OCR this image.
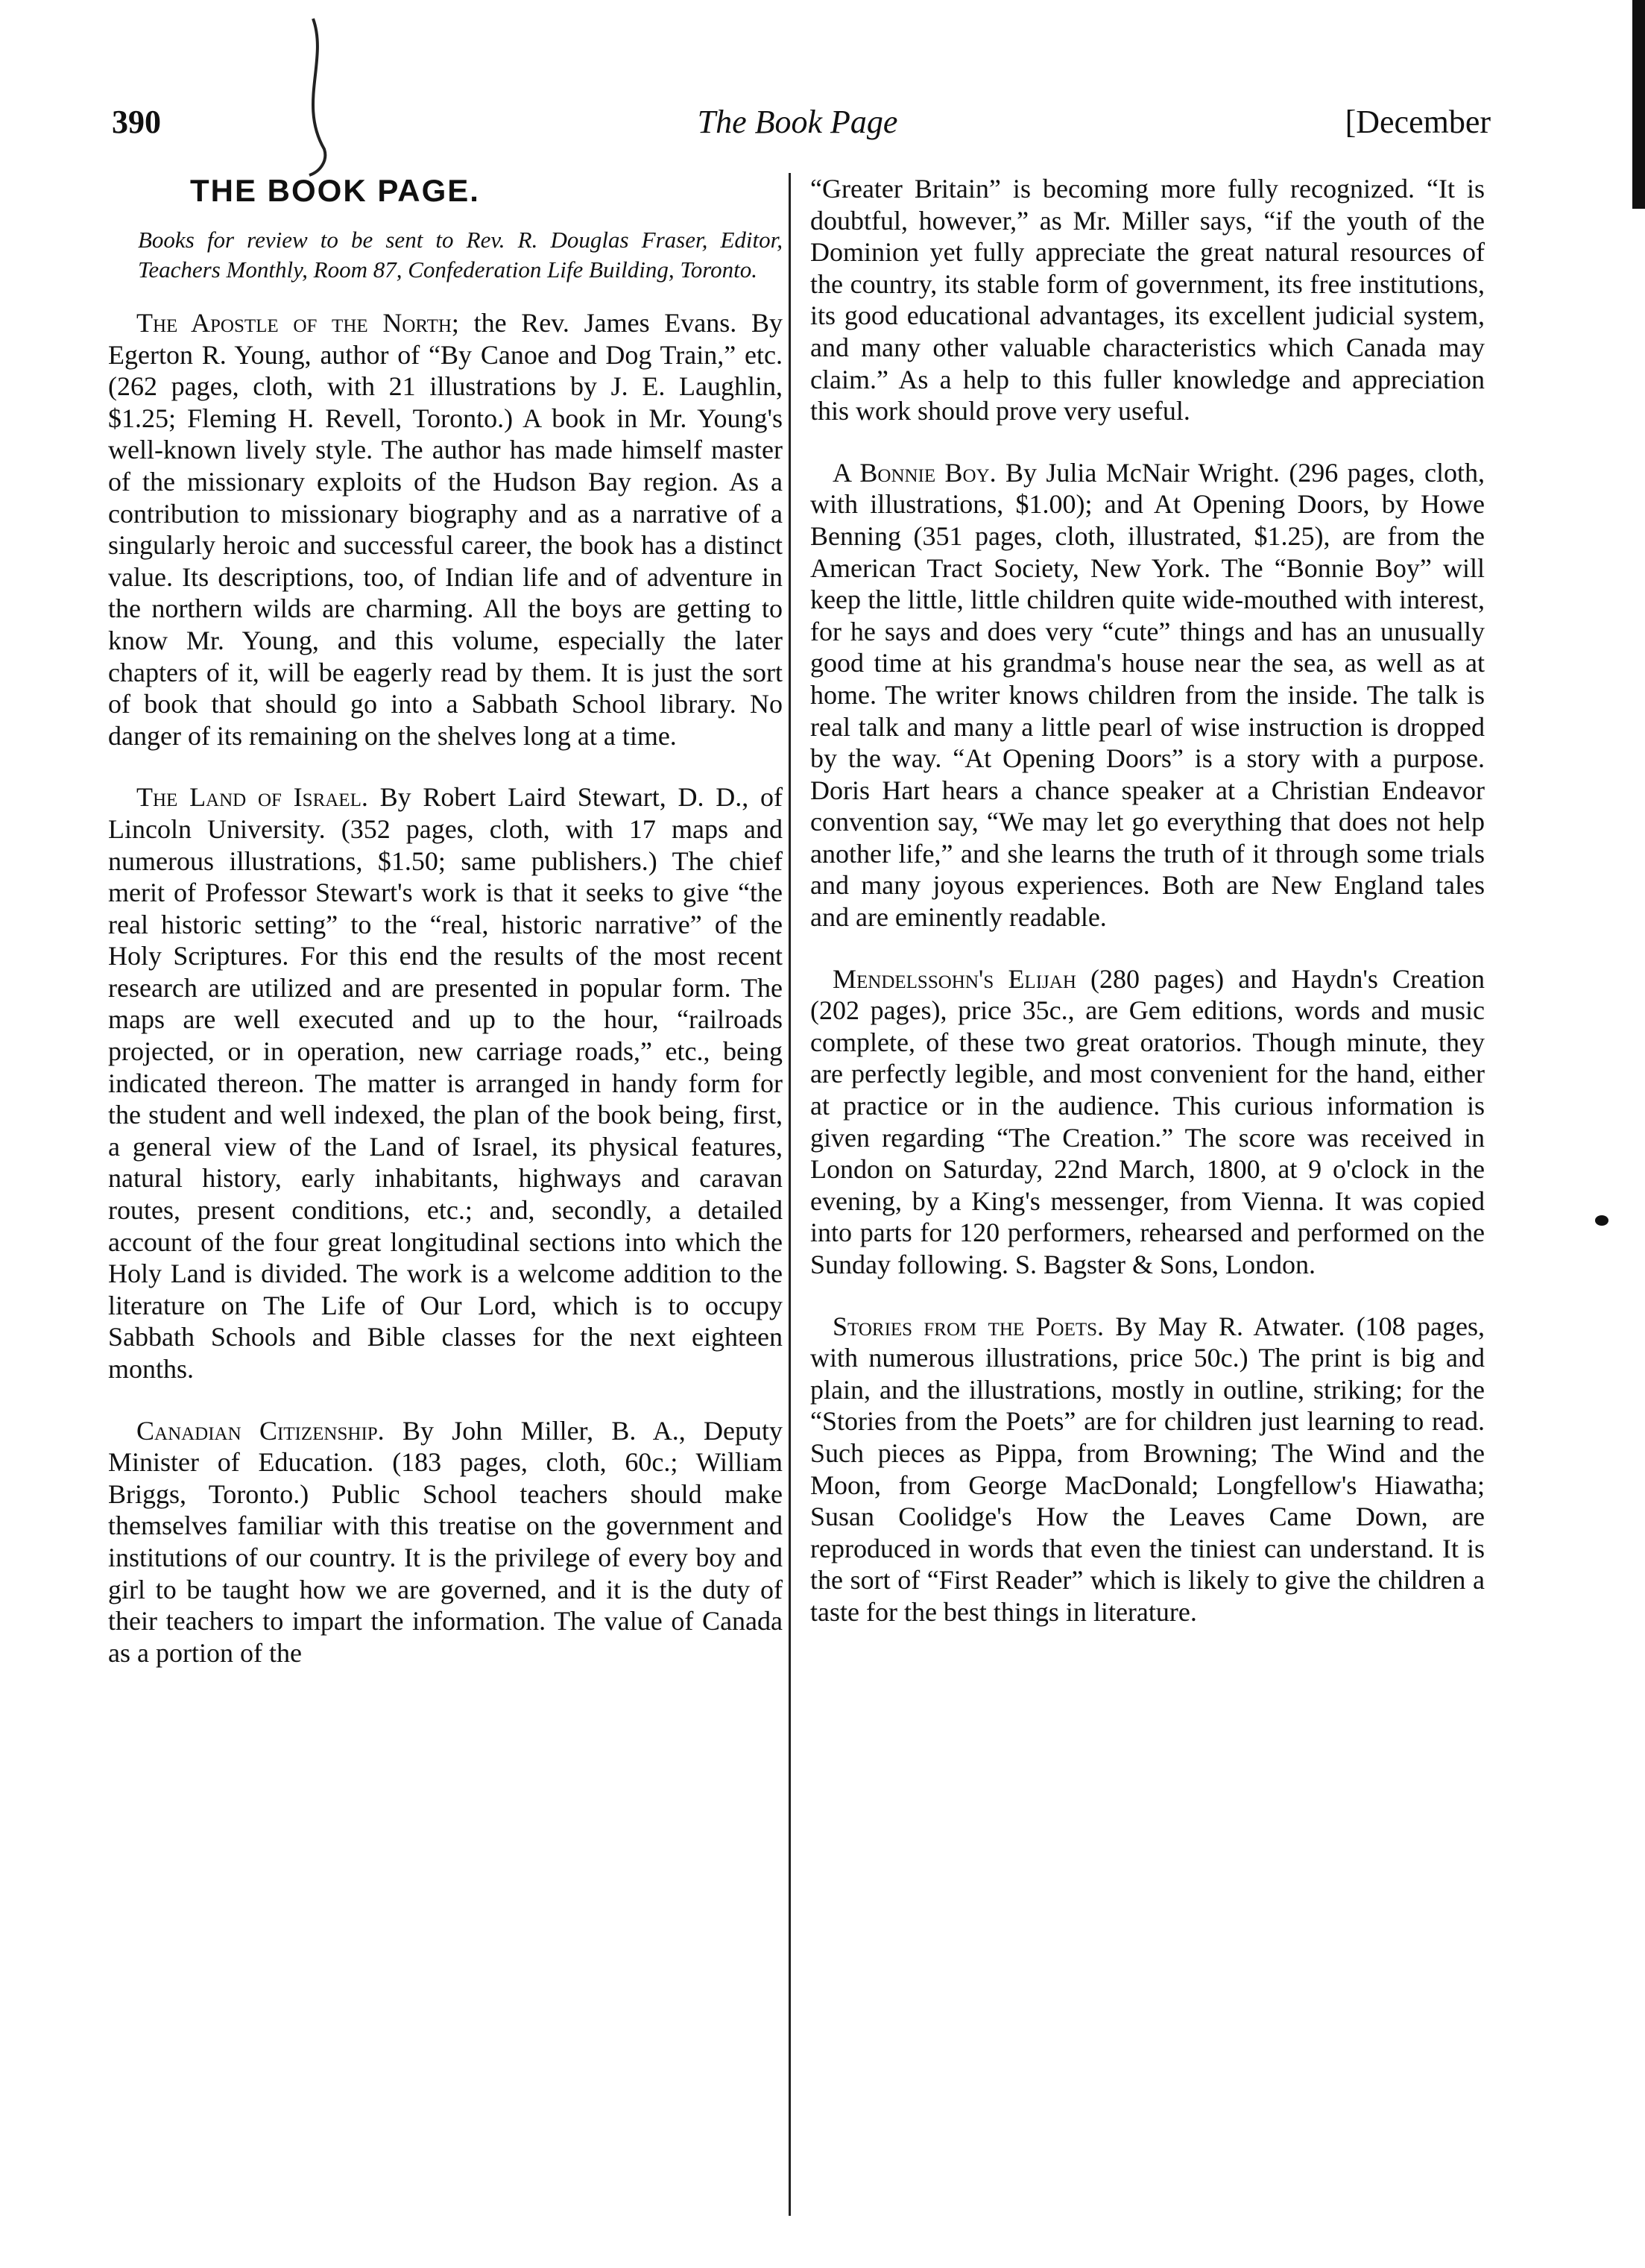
390	The Book Page	[December
THE BOOK PAGE.
Books for review to be sent to Rev. R. Douglas Fraser, Editor, Teachers Monthly, Room 87, Confederation Life Building, Toronto.

The Apostle of the North; the Rev. James Evans. By Egerton R. Young, author of “By Canoe and Dog Train,” etc. (262 pages, cloth, with 21 illustrations by J. E. Laughlin, $1.25; Fleming H. Revell, Toronto.) A book in Mr. Young's well-known lively style. The author has made himself master of the missionary exploits of the Hudson Bay region. As a contribution to missionary biography and as a narrative of a singularly heroic and successful career, the book has a distinct value. Its descriptions, too, of Indian life and of adventure in the northern wilds are charming. All the boys are getting to know Mr. Young, and this volume, especially the later chapters of it, will be eagerly read by them. It is just the sort of book that should go into a Sabbath School library. No danger of its remaining on the shelves long at a time.

The Land of Israel. By Robert Laird Stewart, D. D., of Lincoln University. (352 pages, cloth, with 17 maps and numerous illustrations, $1.50; same publishers.) The chief merit of Professor Stewart's work is that it seeks to give “the real historic setting” to the “real, historic narrative” of the Holy Scriptures. For this end the results of the most recent research are utilized and are presented in popular form. The maps are well executed and up to the hour, “railroads projected, or in operation, new carriage roads,” etc., being indicated thereon. The matter is arranged in handy form for the student and well indexed, the plan of the book being, first, a general view of the Land of Israel, its physical features, natural history, early inhabitants, highways and caravan routes, present conditions, etc.; and, secondly, a detailed account of the four great longitudinal sections into which the Holy Land is divided. The work is a welcome addition to the literature on The Life of Our Lord, which is to occupy Sabbath Schools and Bible classes for the next eighteen months.

Canadian Citizenship. By John Miller, B. A., Deputy Minister of Education. (183 pages, cloth, 60c.; William Briggs, Toronto.) Public School teachers should make themselves familiar with this treatise on the government and institutions of our country. It is the privilege of every boy and girl to be taught how we are governed, and it is the duty of their teachers to impart the information. The value of Canada as a portion of the

“Greater Britain” is becoming more fully recognized. “It is doubtful, however,” as Mr. Miller says, “if the youth of the Dominion yet fully appreciate the great natural resources of the country, its stable form of government, its free institutions, its good educational advantages, its excellent judicial system, and many other valuable characteristics which Canada may claim.” As a help to this fuller knowledge and appreciation this work should prove very useful.

A Bonnie Boy. By Julia McNair Wright. (296 pages, cloth, with illustrations, $1.00); and At Opening Doors, by Howe Benning (351 pages, cloth, illustrated, $1.25), are from the American Tract Society, New York. The “Bonnie Boy” will keep the little, little children quite wide-mouthed with interest, for he says and does very “cute” things and has an unusually good time at his grandma's house near the sea, as well as at home. The writer knows children from the inside. The talk is real talk and many a little pearl of wise instruction is dropped by the way. “At Opening Doors” is a story with a purpose. Doris Hart hears a chance speaker at a Christian Endeavor convention say, “We may let go everything that does not help another life,” and she learns the truth of it through some trials and many joyous experiences. Both are New England tales and are eminently readable.

Mendelssohn's Elijah (280 pages) and Haydn's Creation (202 pages), price 35c., are Gem editions, words and music complete, of these two great oratorios. Though minute, they are perfectly legible, and most convenient for the hand, either at practice or in the audience. This curious information is given regarding “The Creation.” The score was received in London on Saturday, 22nd March, 1800, at 9 o'clock in the evening, by a King's messenger, from Vienna. It was copied into parts for 120 performers, rehearsed and performed on the Sunday following. S. Bagster & Sons, London.

Stories from the Poets. By May R. Atwater. (108 pages, with numerous illustrations, price 50c.) The print is big and plain, and the illustrations, mostly in outline, striking; for the “Stories from the Poets” are for children just learning to read. Such pieces as Pippa, from Browning; The Wind and the Moon, from George MacDonald; Longfellow's Hiawatha; Susan Coolidge's How the Leaves Came Down, are reproduced in words that even the tiniest can understand. It is the sort of “First Reader” which is likely to give the children a taste for the best things in literature.
